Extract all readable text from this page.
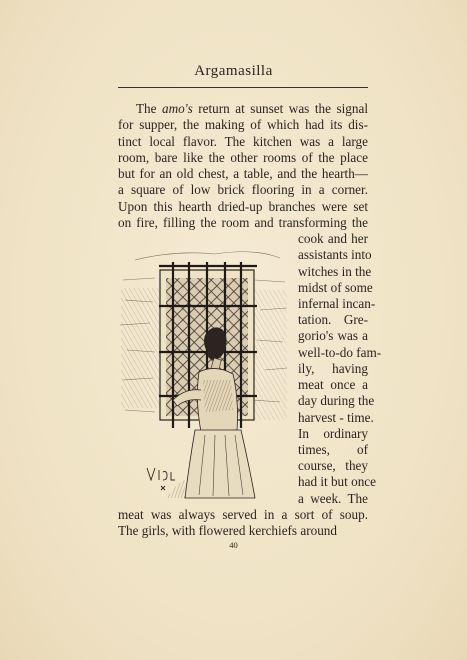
Argamasilla
The amo's return at sunset was the signal
for supper, the making of which had its dis-
tinct local flavor. The kitchen was a large
room, bare like the other rooms of the place
but for an old chest, a table, and the hearth—
a square of low brick flooring in a corner.
Upon this hearth dried-up branches were set
on fire, filling the room and transforming the
cook and her
assistants into
witches in the
midst of some
infernal incan-
tation. Gre-
gorio's was a
well-to-do fam-
ily, having
meat once a
day during the
harvest - time.
In ordinary
times, of
course, they
had it but once
a week. The
meat was always served in a sort of soup.
The girls, with flowered kerchiefs around
40
